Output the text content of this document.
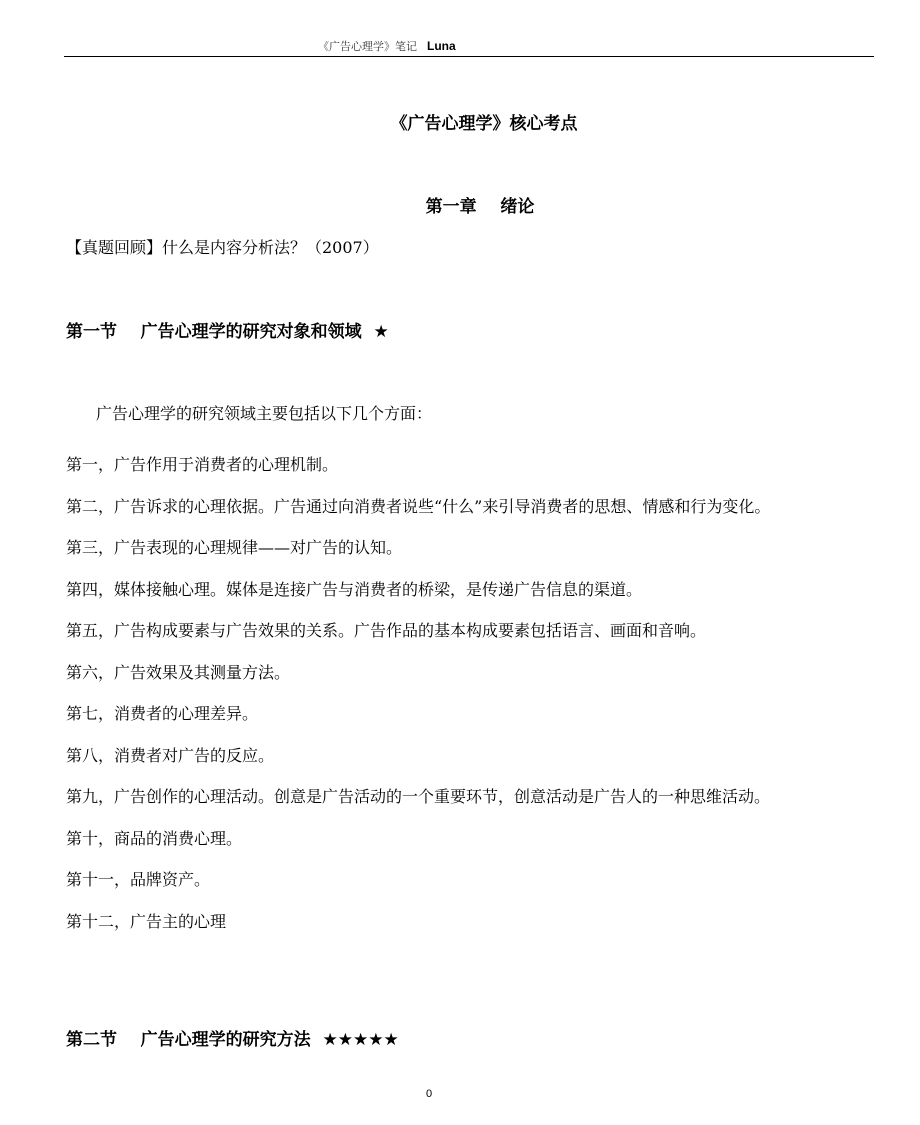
《广告心理学》笔记 Luna
《广告心理学》核心考点
第一章    绪论
【真题回顾】什么是内容分析法？（2007）
第一节    广告心理学的研究对象和领域  ★
广告心理学的研究领域主要包括以下几个方面：
第一，广告作用于消费者的心理机制。
第二，广告诉求的心理依据。广告通过向消费者说些“什么”来引导消费者的思想、情感和行为变化。
第三，广告表现的心理规律——对广告的认知。
第四，媒体接触心理。媒体是连接广告与消费者的桥梁，是传递广告信息的渠道。
第五，广告构成要素与广告效果的关系。广告作品的基本构成要素包括语言、画面和音响。
第六，广告效果及其测量方法。
第七，消费者的心理差异。
第八，消费者对广告的反应。
第九，广告创作的心理活动。创意是广告活动的一个重要环节，创意活动是广告人的一种思维活动。
第十，商品的消费心理。
第十一，品牌资产。
第十二，广告主的心理
第二节    广告心理学的研究方法  ★★★★★
0
